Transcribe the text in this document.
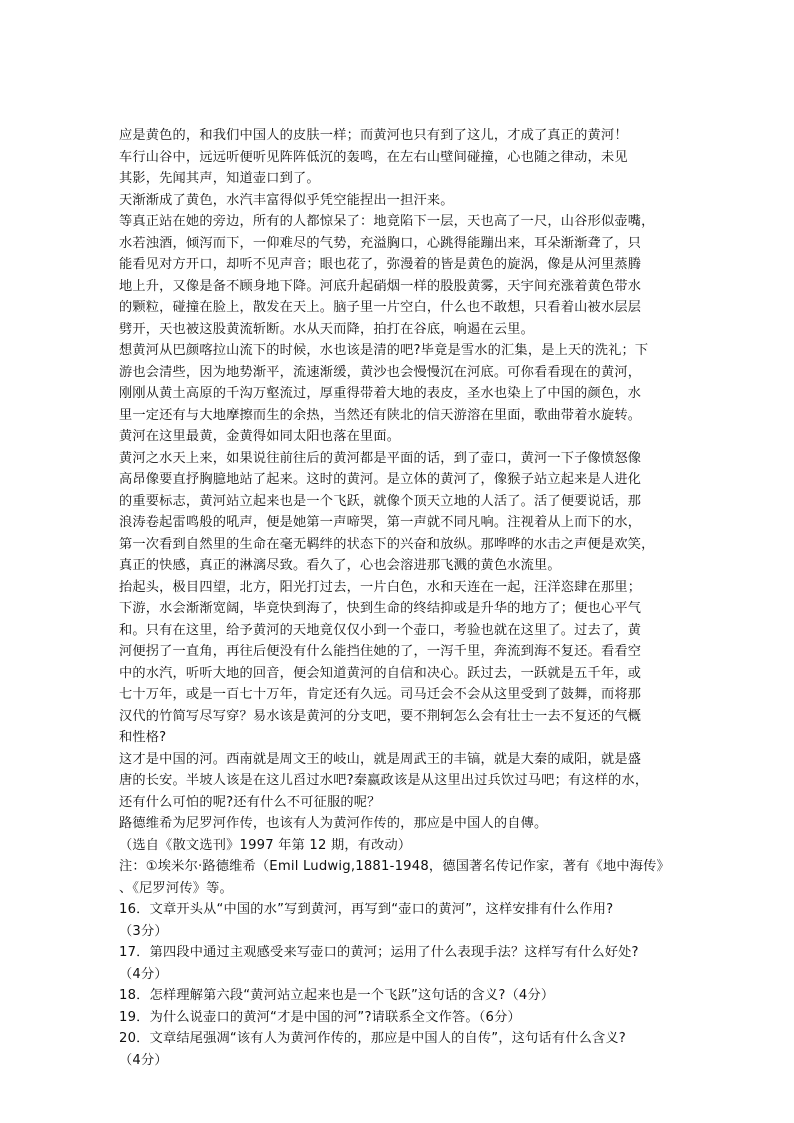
应是黄色的，和我们中国人的皮肤一样；而黄河也只有到了这儿，才成了真正的黄河！
车行山谷中，远远听便听见阵阵低沉的轰鸣，在左右山壁间碰撞，心也随之律动，未见
其影，先闻其声，知道壶口到了。
天渐渐成了黄色，水汽丰富得似乎凭空能捏出一担汗来。
等真正站在她的旁边，所有的人都惊呆了：地竟陷下一层，天也高了一尺，山谷形似壶嘴，
水若浊酒，倾泻而下，一仰难尽的气势，充溢胸口，心跳得能蹦出来，耳朵渐渐聋了，只
能看见对方开口，却听不见声音；眼也花了，弥漫着的皆是黄色的旋涡，像是从河里蒸腾
地上升，又像是备不顾身地下降。河底升起硝烟一样的股股黄雾，天宇间充涨着黄色带水
的颗粒，碰撞在脸上，散发在天上。脑子里一片空白，什么也不敢想，只看着山被水层层
劈开，天也被这股黄流斩断。水从天而降，拍打在谷底，响遏在云里。
想黄河从巴颜喀拉山流下的时候，水也该是清的吧?毕竟是雪水的汇集，是上天的洗礼；下
游也会清些，因为地势渐平，流速渐缓，黄沙也会慢慢沉在河底。可你看看现在的黄河，
刚刚从黄土高原的千沟万壑流过，厚重得带着大地的表皮，圣水也染上了中国的颜色，水
里一定还有与大地摩擦而生的余热，当然还有陕北的信天游溶在里面，歌曲带着水旋转。
黄河在这里最黄，金黄得如同太阳也落在里面。
黄河之水天上来，如果说往前往后的黄河都是平面的话，到了壶口，黄河一下子像愤怒像
高昂像要直抒胸臆地站了起来。这时的黄河。是立体的黄河了，像猴子站立起来是人进化
的重要标志，黄河站立起来也是一个飞跃，就像个顶天立地的人活了。活了便要说话，那
浪涛卷起雷鸣般的吼声，便是她第一声啼哭，第一声就不同凡响。注视着从上而下的水，
第一次看到自然里的生命在毫无羁绊的状态下的兴奋和放纵。那哗哗的水击之声便是欢笑，
真正的快感，真正的淋漓尽致。看久了，心也会溶进那飞溅的黄色水流里。
抬起头，极目四望，北方，阳光打过去，一片白色，水和天连在一起，汪洋恣肆在那里；
下游，水会渐渐宽阔，毕竟快到海了，快到生命的终结抑或是升华的地方了；便也心平气
和。只有在这里，给予黄河的天地竟仅仅小到一个壶口，考验也就在这里了。过去了，黄
河便拐了一直角，再往后便没有什么能挡住她的了，一泻千里，奔流到海不复还。看看空
中的水汽，听听大地的回音，便会知道黄河的自信和决心。跃过去，一跃就是五千年，或
七十万年，或是一百七十万年，肯定还有久远。司马迁会不会从这里受到了鼓舞，而将那
汉代的竹简写尽写穿？易水该是黄河的分支吧，要不荆轲怎么会有壮士一去不复还的气概
和性格?
这才是中国的河。西南就是周文王的岐山，就是周武王的丰镐，就是大秦的咸阳，就是盛
唐的长安。半坡人该是在这儿舀过水吧?秦嬴政该是从这里出过兵饮过马吧；有这样的水，
还有什么可怕的呢?还有什么不可征服的呢？
路德维希为尼罗河作传，也该有人为黄河作传的，那应是中国人的自傳。
（选自《散文选刊》1997 年第 12 期，有改动）
注：①埃米尔·路德维希（Emil Ludwig,1881-1948，德国著名传记作家，著有《地中海传》
、《尼罗河传》等。
16．文章开头从“中国的水”写到黄河，再写到“壶口的黄河”，这样安排有什么作用?
（3分）
17．第四段中通过主观感受来写壶口的黄河；运用了什么表现手法？这样写有什么好处?
（4分）
18．怎样理解第六段“黄河站立起来也是一个飞跃”这句话的含义?（4分）
19．为什么说壶口的黄河“才是中国的河”?请联系全文作答。（6分）
20．文章结尾强凋“该有人为黄河作传的，那应是中国人的自传”，这句话有什么含义?
（4分）
